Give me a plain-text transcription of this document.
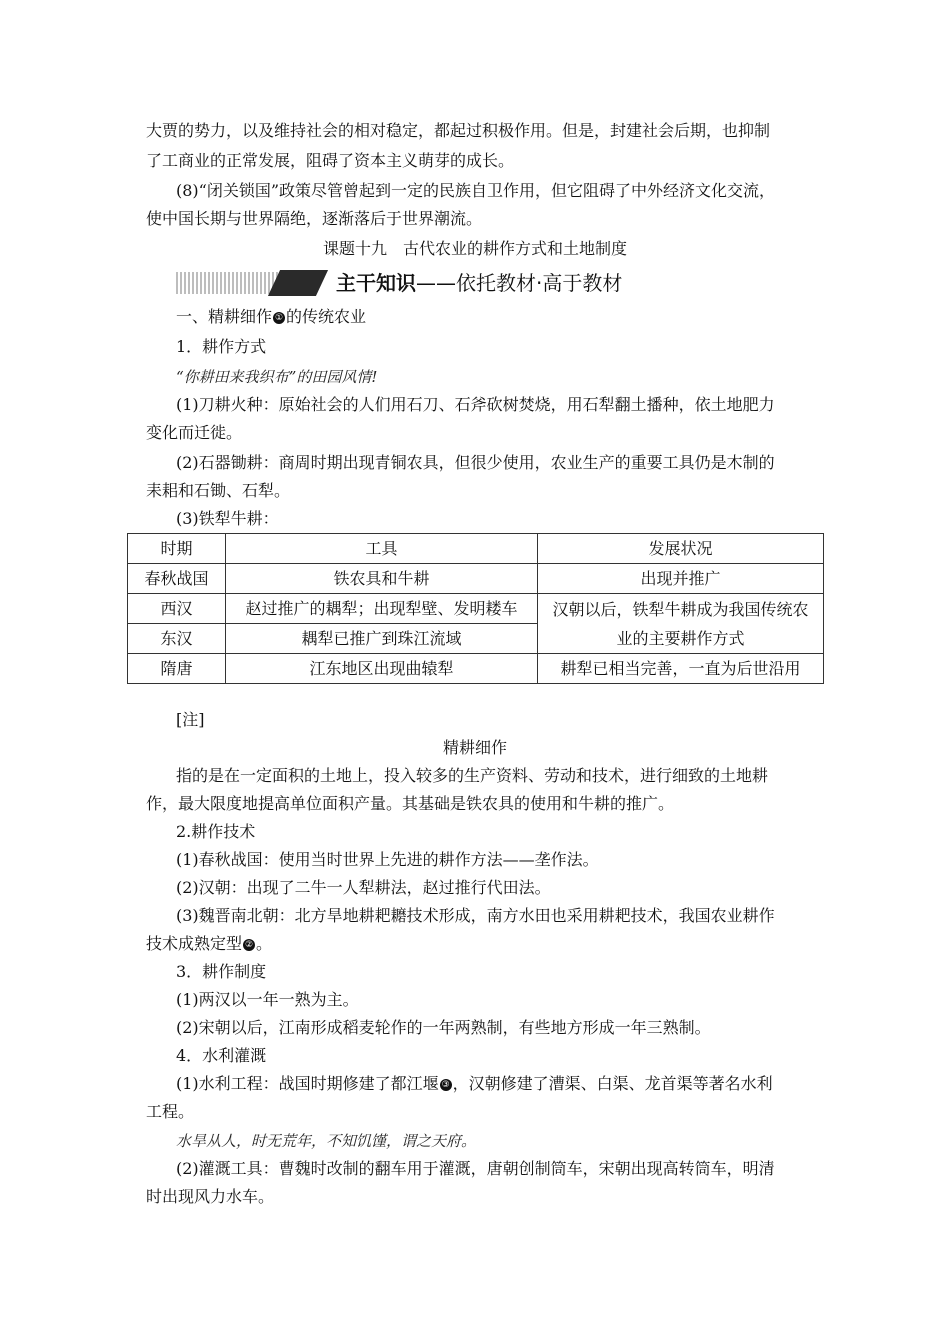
大贾的势力，以及维持社会的相对稳定，都起过积极作用。但是，封建社会后期，也抑制
了工商业的正常发展，阻碍了资本主义萌芽的成长。
(8)“闭关锁国”政策尽管曾起到一定的民族自卫作用，但它阻碍了中外经济文化交流，
使中国长期与世界隔绝，逐渐落后于世界潮流。
课题十九　古代农业的耕作方式和土地制度
主干知识——依托教材·高于教材
一、精耕细作 ① 的传统农业
1．耕作方式
“你耕田来我织布”的田园风情!
(1)刀耕火种：原始社会的人们用石刀、石斧砍树焚烧，用石犁翻土播种，依土地肥力
变化而迁徙。
(2)石器锄耕：商周时期出现青铜农具，但很少使用，农业生产的重要工具仍是木制的
耒耜和石锄、石犁。
(3)铁犁牛耕：
时期	工具	发展状况
春秋战国	铁农具和牛耕	出现并推广
西汉	赵过推广的耦犁；出现犁壁、发明耧车	汉朝以后，铁犁牛耕成为我国传统农
业的主要耕作方式
东汉	耦犁已推广到珠江流域	
隋唐	江东地区出现曲辕犁	耕犁已相当完善，一直为后世沿用
[注]
精耕细作
指的是在一定面积的土地上，投入较多的生产资料、劳动和技术，进行细致的土地耕
作，最大限度地提高单位面积产量。其基础是铁农具的使用和牛耕的推广。
2.耕作技术
(1)春秋战国：使用当时世界上先进的耕作方法——垄作法。
(2)汉朝：出现了二牛一人犁耕法，赵过推行代田法。
(3)魏晋南北朝：北方旱地耕耙耱技术形成，南方水田也采用耕耙技术，我国农业耕作
技术成熟定型 ② 。
3．耕作制度
(1)两汉以一年一熟为主。
(2)宋朝以后，江南形成稻麦轮作的一年两熟制，有些地方形成一年三熟制。
4．水利灌溉
(1)水利工程：战国时期修建了都江堰 ③ ，汉朝修建了漕渠、白渠、龙首渠等著名水利
工程。
水旱从人，时无荒年，不知饥馑，谓之天府。
(2)灌溉工具：曹魏时改制的翻车用于灌溉，唐朝创制筒车，宋朝出现高转筒车，明清
时出现风力水车。
